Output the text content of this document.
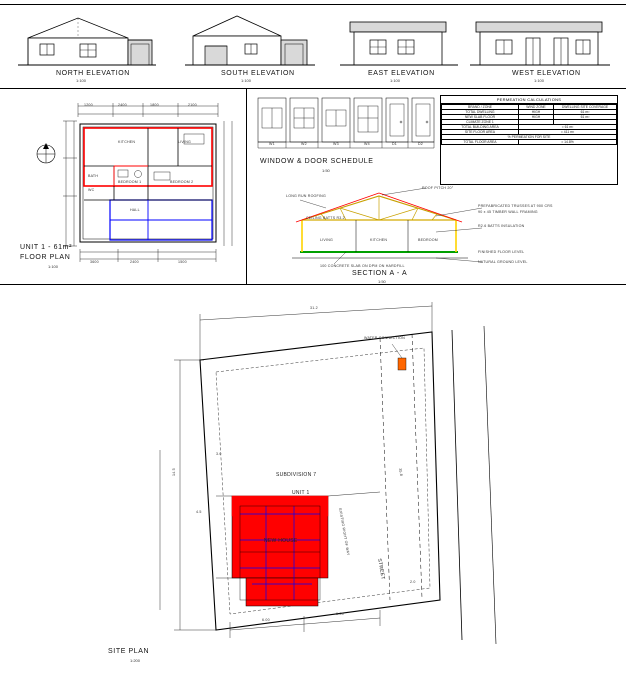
NORTH ELEVATION
1:100
SOUTH ELEVATION
1:100
EAST ELEVATION
1:100
WEST ELEVATION
1:100
1200	2400	1800	2100
3600	2400	1500
KITCHEN	LIVING
BEDROOM 1	BEDROOM 2
BATH
WC
HALL
UNIT 1 - 61m²
FLOOR PLAN
1:100
W1	W2	W3	W4	D1	D2
WINDOW & DOOR SCHEDULE
1:50
PERMEATION CALCULATIONS
BRAND / ZONE	WIND ZONE	DWELLING SITE COVERAGE
TOTAL DWELLING	HIGH	61 m²
NEW SLAB FLOOR	HIGH	61 m²
CLIMATE ZONE 1		
TOTAL BUILDING AREA	= 61 m²	
SITE FLOOR AREA	= 411 m²	
% PERMEATION FOR SITE		
TOTAL FLOOR AREA	= 14.8%	
ROOF PITCH 20°
LONG RUN ROOFING
PREFABRICATED TRUSSES AT 900 CRS
90 x 45 TIMBER WALL FRAMING
R2.6 BATTS INSULATION
100 CONCRETE SLAB ON DPM ON HARDFILL
CEILING BATTS R3.2
LIVING	KITCHEN	BEDROOM
FINISHED FLOOR LEVEL
NATURAL GROUND LEVEL
SECTION A - A
1:50
31.2
14.5	35.8
6.00
6.00
3.0
4.5
2.0
SUBDIVISION 7
UNIT 1
NEW HOUSE
STREET
WATER CONNECTION
EXISTING RIGHT OF WAY
SITE PLAN
1:200
